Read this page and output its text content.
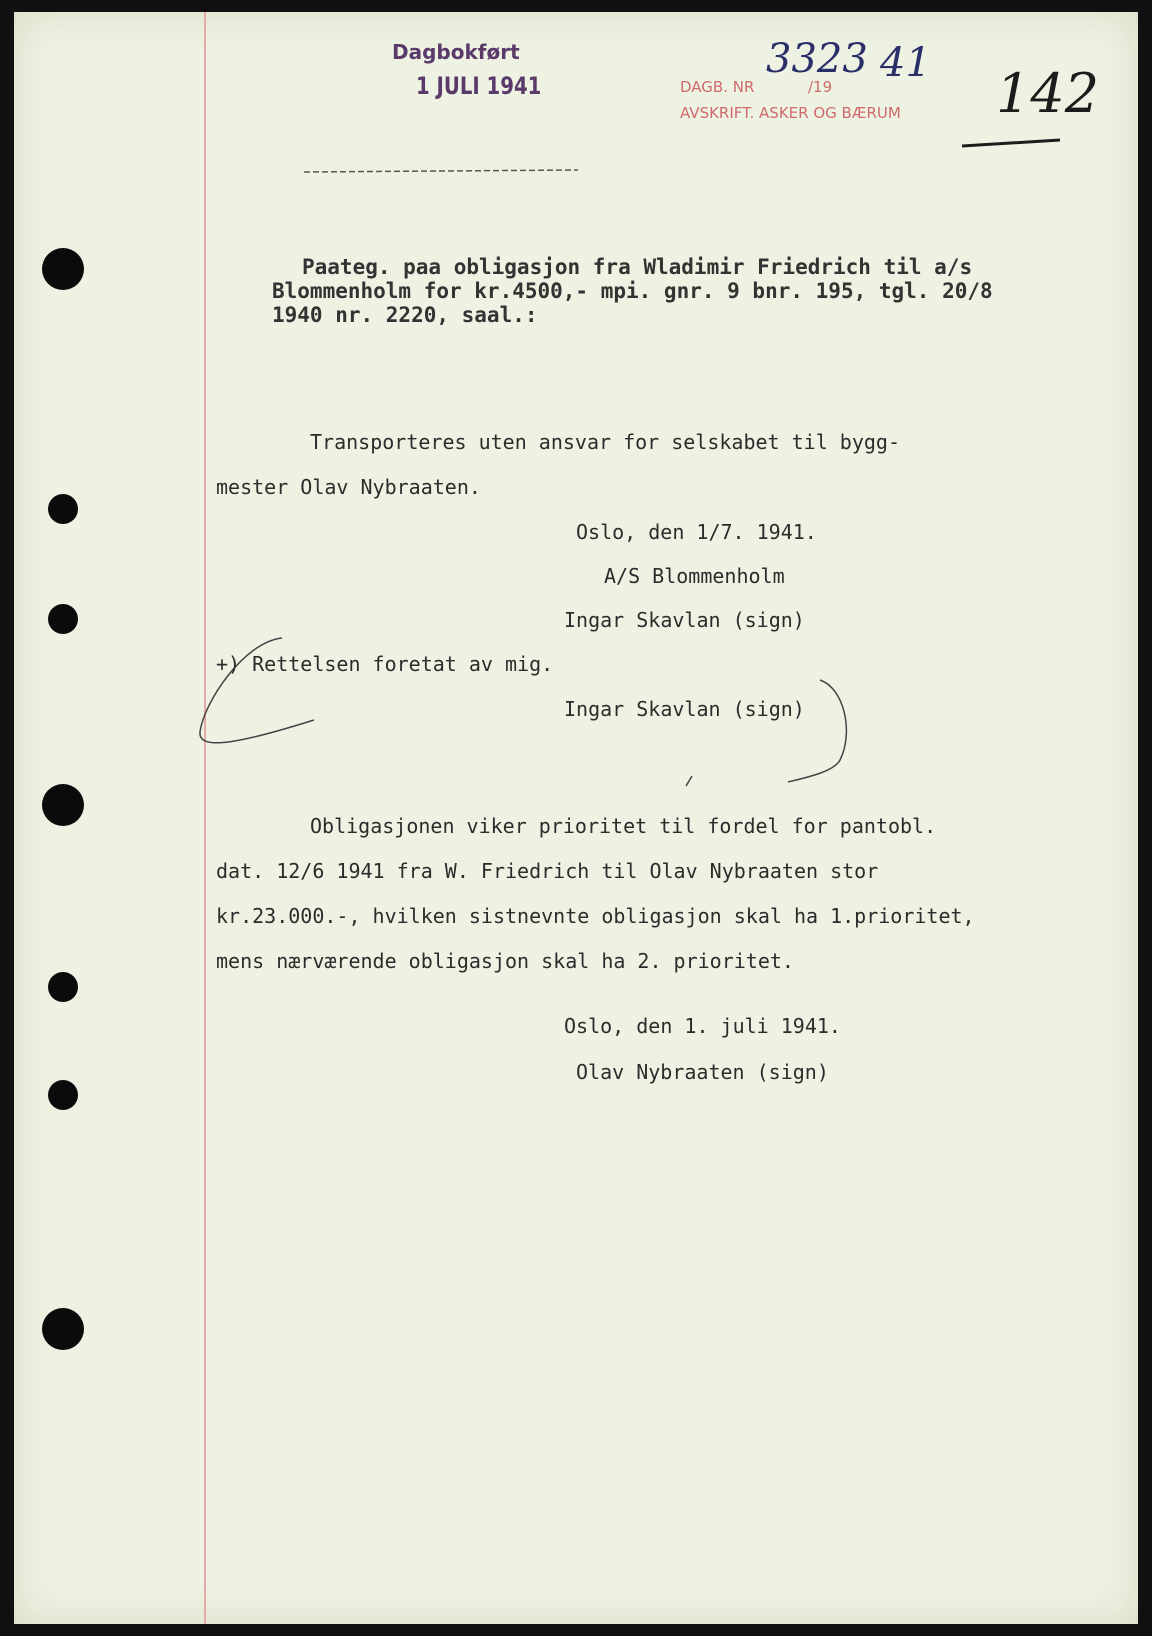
Dagbokført
1 JULI 1941	DAGB. NR
AVSKRIFT. ASKER OG BÆRUM
/19
3323 41 142
Paateg. paa obligasjon fra Wladimir Friedrich til a/s
Blommenholm for kr.4500,- mpi. gnr. 9 bnr. 195, tgl. 20/8
1940 nr. 2220, saal.:
Transporteres uten ansvar for selskabet til bygg-
mester Olav Nybraaten.
Oslo, den 1/7. 1941.
A/S Blommenholm
Ingar Skavlan (sign)
+) Rettelsen foretat av mig.
Ingar Skavlan (sign)
Obligasjonen viker prioritet til fordel for pantobl.
dat. 12/6 1941 fra W. Friedrich til Olav Nybraaten stor
kr.23.000.-, hvilken sistnevnte obligasjon skal ha 1.prioritet,
mens nærværende obligasjon skal ha 2. prioritet.
Oslo, den 1. juli 1941.
Olav Nybraaten (sign)
